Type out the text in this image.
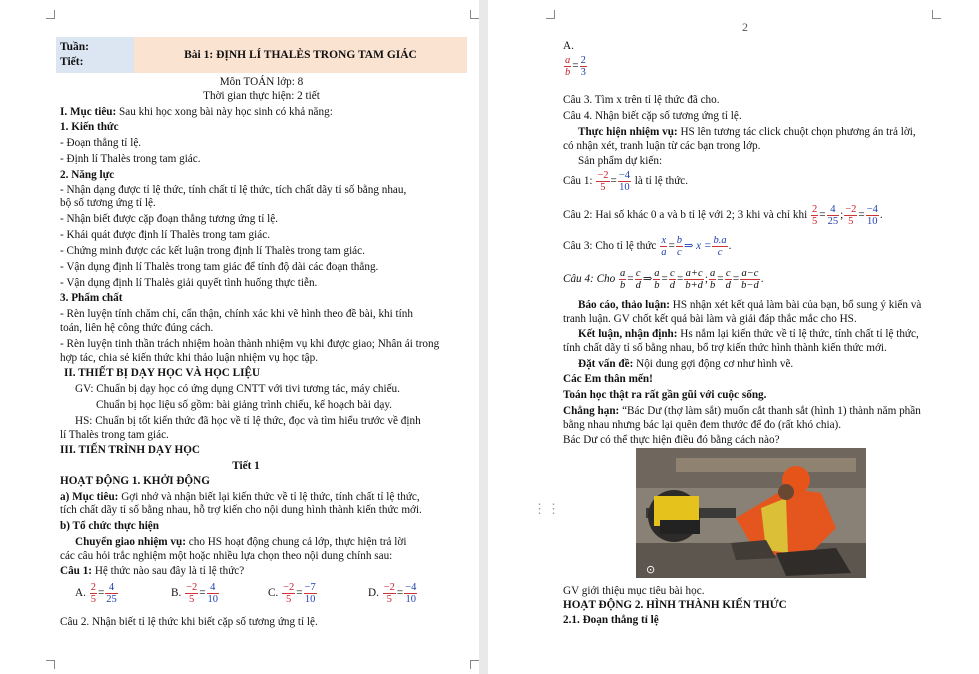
Tuần:
Tiết:
	Bài 1: ĐỊNH LÍ THALÈS TRONG TAM GIÁC
Môn TOÁN lớp: 8
Thời gian thực hiện: 2 tiết
I. Mục tiêu: Sau khi học xong bài này học sinh có khả năng:
1. Kiến thức
- Đoạn thẳng tỉ lệ.
- Định lí Thalès trong tam giác.
2. Năng lực
- Nhận dạng được tỉ lệ thức, tính chất tỉ lệ thức, tích chất dãy tỉ số bằng nhau,
bộ số tương ứng tỉ lệ.
- Nhận biết được cặp đoạn thẳng tương ứng tỉ lệ.
- Khái quát được định lí Thalès trong tam giác.
- Chứng minh được các kết luận trong định lí Thalès trong tam giác.
- Vận dụng định lí Thalès trong tam giác để tính độ dài các đoạn thẳng.
- Vận dụng định lí Thalès giải quyết tình huống thực tiễn.
3. Phẩm chất
- Rèn luyện tính chăm chỉ, cẩn thận, chính xác khi vẽ hình theo đề bài, khi tính
toán, liên hệ công thức đúng cách.
- Rèn luyện tinh thần trách nhiệm hoàn thành nhiệm vụ khi được giao; Nhân ái trong
hợp tác, chia sẻ kiến thức khi thảo luận nhiệm vụ học tập.
II. THIẾT BỊ DẠY HỌC VÀ HỌC LIỆU
GV: Chuẩn bị dạy học có ứng dụng CNTT với tivi tương tác, máy chiếu.
Chuẩn bị học liệu số gồm: bài giảng trình chiếu, kế hoạch bài dạy.
HS: Chuẩn bị tốt kiến thức đã học về tỉ lệ thức, đọc và tìm hiểu trước về định
lí Thalès trong tam giác.
III. TIẾN TRÌNH DẠY HỌC
Tiết 1
HOẠT ĐỘNG 1. KHỞI ĐỘNG
a) Mục tiêu: Gợi nhớ và nhận biết lại kiến thức về tỉ lệ thức, tính chất tỉ lệ thức,
tích chất dãy tỉ số bằng nhau, hỗ trợ kiến cho nội dung hình thành kiến thức mới.
b) Tổ chức thực hiện
Chuyển giao nhiệm vụ: cho HS hoạt động chung cả lớp, thực hiện trả lời
các câu hỏi trắc nghiệm một hoặc nhiều lựa chọn theo nội dung chính sau:
Câu 1: Hệ thức nào sau đây là tỉ lệ thức?
A. $\frac{2}{5} = \frac{4}{25}$	B. $\frac{-2}{5} = \frac{4}{10}$	C. $\frac{-2}{5} = \frac{-7}{10}$	D. $\frac{-2}{5} = \frac{-4}{10}$
Câu 2. Nhận biết tỉ lệ thức khi biết cặp số tương ứng tỉ lệ.
2
A.
$\frac{a}{b} = \frac{2}{3}$
Câu 3. Tìm x trên tỉ lệ thức đã cho.
Câu 4. Nhận biết cặp số tương ứng tỉ lệ.
Thực hiện nhiệm vụ: HS lên tương tác click chuột chọn phương án trả lời,
có nhận xét, tranh luận từ các bạn trong lớp.
Sản phẩm dự kiến:
Câu 1: $\frac{-2}{5} = \frac{-4}{10}$ là tỉ lệ thức.
Câu 2: Hai số khác 0 a và b tỉ lệ với 2; 3 khi và chỉ khi $\frac{2}{5} = \frac{4}{25}$ ; $\frac{-2}{5} = \frac{-4}{10}$ .
Câu 3: Cho tỉ lệ thức $\frac{x}{a} = \frac{b}{c}$ ⇒ $x = \frac{b.a}{c}$ .
Câu 4: Cho $\frac{a}{b} = \frac{c}{d}$ ⇒ $\frac{a}{b} = \frac{c}{d} = \frac{a+c}{b+d}$ ; $\frac{a}{b} = \frac{c}{d} = \frac{a-c}{b-d}$ .
Báo cáo, thảo luận: HS nhận xét kết quả làm bài của bạn, bổ sung ý kiến và
tranh luận. GV chốt kết quả bài làm và giải đáp thắc mắc cho HS.
Kết luận, nhận định: Hs nắm lại kiến thức về tỉ lệ thức, tính chất tỉ lệ thức,
tính chất dãy tỉ số bằng nhau, bổ trợ kiến thức hình thành kiến thức mới.
Đặt vấn đề: Nội dung gợi động cơ như hình vẽ.
Các Em thân mến!
Toán học thật ra rất gần gũi với cuộc sống.
Chẳng hạn: “Bác Dư (thợ làm sắt) muốn cắt thanh sắt (hình 1) thành năm phần
bằng nhau nhưng bác lại quên đem thước để đo (rất khó chia).
Bác Dư có thể thực hiện điều đó bằng cách nào?
⋮⋮
⊙
GV giới thiệu mục tiêu bài học.
HOẠT ĐỘNG 2. HÌNH THÀNH KIẾN THỨC
2.1. Đoạn thẳng tỉ lệ
